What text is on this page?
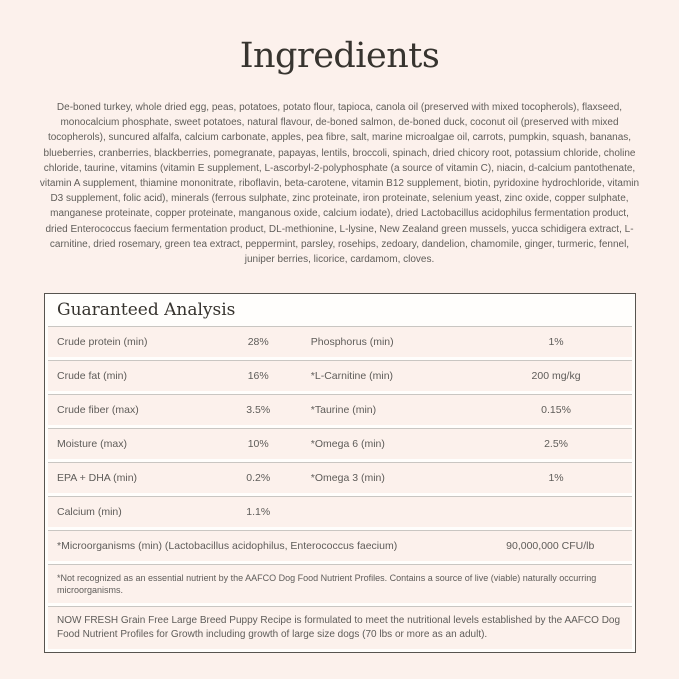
Ingredients
De-boned turkey, whole dried egg, peas, potatoes, potato flour, tapioca, canola oil (preserved with mixed tocopherols), flaxseed, monocalcium phosphate, sweet potatoes, natural flavour, de-boned salmon, de-boned duck, coconut oil (preserved with mixed tocopherols), suncured alfalfa, calcium carbonate, apples, pea fibre, salt, marine microalgae oil, carrots, pumpkin, squash, bananas, blueberries, cranberries, blackberries, pomegranate, papayas, lentils, broccoli, spinach, dried chicory root, potassium chloride, choline chloride, taurine, vitamins (vitamin E supplement, L-ascorbyl-2-polyphosphate (a source of vitamin C), niacin, d-calcium pantothenate, vitamin A supplement, thiamine mononitrate, riboflavin, beta-carotene, vitamin B12 supplement, biotin, pyridoxine hydrochloride, vitamin D3 supplement, folic acid), minerals (ferrous sulphate, zinc proteinate, iron proteinate, selenium yeast, zinc oxide, copper sulphate, manganese proteinate, copper proteinate, manganous oxide, calcium iodate), dried Lactobacillus acidophilus fermentation product, dried Enterococcus faecium fermentation product, DL-methionine, L-lysine, New Zealand green mussels, yucca schidigera extract, L-carnitine, dried rosemary, green tea extract, peppermint, parsley, rosehips, zedoary, dandelion, chamomile, ginger, turmeric, fennel, juniper berries, licorice, cardamom, cloves.
Guaranteed Analysis
Crude protein (min)	28%	Phosphorus (min)	1%
Crude fat (min)	16%	*L-Carnitine (min)	200 mg/kg
Crude fiber (max)	3.5%	*Taurine (min)	0.15%
Moisture (max)	10%	*Omega 6 (min)	2.5%
EPA + DHA (min)	0.2%	*Omega 3 (min)	1%
Calcium (min)	1.1%
*Microorganisms (min) (Lactobacillus acidophilus, Enterococcus faecium)	90,000,000 CFU/lb
*Not recognized as an essential nutrient by the AAFCO Dog Food Nutrient Profiles. Contains a source of live (viable) naturally occurring microorganisms.
NOW FRESH Grain Free Large Breed Puppy Recipe is formulated to meet the nutritional levels established by the AAFCO Dog Food Nutrient Profiles for Growth including growth of large size dogs (70 lbs or more as an adult).
